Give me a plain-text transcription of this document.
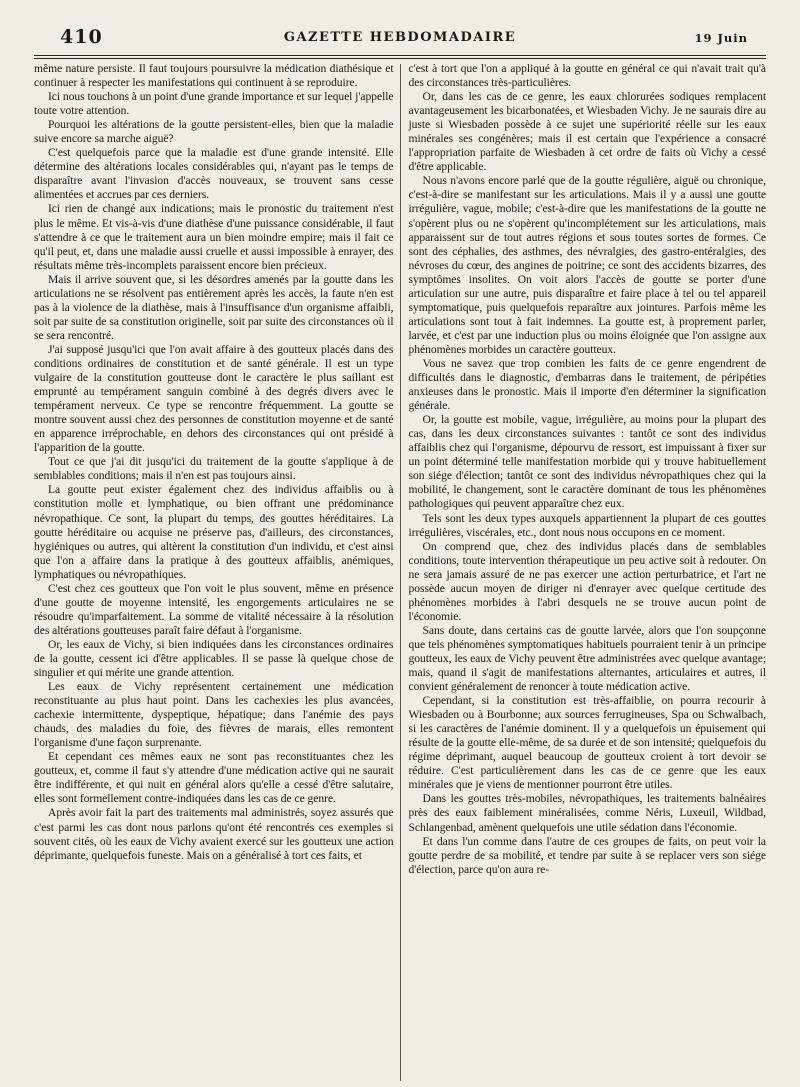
410	GAZETTE HEBDOMADAIRE	19 Juin

même nature persiste. Il faut toujours poursuivre la médication diathésique et continuer à respecter les manifestations qui continuent à se reproduire.

Ici nous touchons à un point d'une grande importance et sur lequel j'appelle toute votre attention.

Pourquoi les altérations de la goutte persistent-elles, bien que la maladie suive encore sa marche aiguë?

C'est quelquefois parce que la maladie est d'une grande intensité. Elle détermine des altérations locales considérables qui, n'ayant pas le temps de disparaître avant l'invasion d'accès nouveaux, se trouvent sans cesse alimentées et accrues par ces derniers.

Ici rien de changé aux indications; mais le pronostic du traitement n'est plus le même. Et vis-à-vis d'une diathèse d'une puissance considérable, il faut s'attendre à ce que le traitement aura un bien moindre empire; mais il fait ce qu'il peut, et, dans une maladie aussi cruelle et aussi impossible à enrayer, des résultats même très-incomplets paraissent encore bien précieux.

Mais il arrive souvent que, si les désordres amenés par la goutte dans les articulations ne se résolvent pas entièrement après les accès, la faute n'en est pas à la violence de la diathèse, mais à l'insuffisance d'un organisme affaibli, soit par suite de sa constitution originelle, soit par suite des circonstances où il se sera rencontré.

J'ai supposé jusqu'ici que l'on avait affaire à des goutteux placés dans des conditions ordinaires de constitution et de santé générale. Il est un type vulgaire de la constitution goutteuse dont le caractère le plus saillant est emprunté au tempérament sanguin combiné à des degrés divers avec le tempérament nerveux. Ce type se rencontre fréquemment. La goutte se montre souvent aussi chez des personnes de constitution moyenne et de santé en apparence irréprochable, en dehors des circonstances qui ont présidé à l'apparition de la goutte.

Tout ce que j'ai dit jusqu'ici du traitement de la goutte s'applique à de semblables conditions; mais il n'en est pas toujours ainsi.

La goutte peut exister également chez des individus affaiblis ou à constitution molle et lymphatique, ou bien offrant une prédominance névropathique. Ce sont, la plupart du temps, des gouttes héréditaires. La goutte héréditaire ou acquise ne préserve pas, d'ailleurs, des circonstances, hygiéniques ou autres, qui altèrent la constitution d'un individu, et c'est ainsi que l'on a affaire dans la pratique à des goutteux affaiblis, anémiques, lymphatiques ou névropathiques.

C'est chez ces goutteux que l'on voit le plus souvent, même en présence d'une goutte de moyenne intensité, les engorgements articulaires ne se résoudre qu'imparfaitement. La somme de vitalité nécessaire à la résolution des altérations goutteuses paraît faire défaut à l'organisme.

Or, les eaux de Vichy, si bien indiquées dans les circonstances ordinaires de la goutte, cessent ici d'être applicables. Il se passe là quelque chose de singulier et qui mérite une grande attention.

Les eaux de Vichy représentent certainement une médication reconstituante au plus haut point. Dans les cachexies les plus avancées, cachexie intermittente, dyspeptique, hépatique; dans l'anémie des pays chauds, des maladies du foie, des fièvres de marais, elles remontent l'organisme d'une façon surprenante.

Et cependant ces mêmes eaux ne sont pas reconstituantes chez les goutteux, et, comme il faut s'y attendre d'une médication active qui ne saurait être indifférente, et qui nuit en général alors qu'elle a cessé d'être salutaire, elles sont formellement contre-indiquées dans les cas de ce genre.

Après avoir fait la part des traitements mal administrés, soyez assurés que c'est parmi les cas dont nous parlons qu'ont été rencontrés ces exemples si souvent cités, où les eaux de Vichy avaient exercé sur les goutteux une action déprimante, quelquefois funeste. Mais on a généralisé à tort ces faits, et

c'est à tort que l'on a appliqué à la goutte en général ce qui n'avait trait qu'à des circonstances très-particulières.

Or, dans les cas de ce genre, les eaux chlorurées sodiques remplacent avantageusement les bicarbonatées, et Wiesbaden Vichy. Je ne saurais dire au juste si Wiesbaden possède à ce sujet une supériorité réelle sur les eaux minérales ses congénères; mais il est certain que l'expérience a consacré l'appropriation parfaite de Wiesbaden à cet ordre de faits où Vichy a cessé d'être applicable.

Nous n'avons encore parlé que de la goutte régulière, aiguë ou chronique, c'est-à-dire se manifestant sur les articulations. Mais il y a aussi une goutte irrégulière, vague, mobile; c'est-à-dire que les manifestations de la goutte ne s'opèrent plus ou ne s'opèrent qu'incomplétement sur les articulations, mais apparaissent sur de tout autres régions et sous toutes sortes de formes. Ce sont des céphalies, des asthmes, des névralgies, des gastro-entéralgies, des névroses du cœur, des angines de poitrine; ce sont des accidents bizarres, des symptômes insolites. On voit alors l'accès de goutte se porter d'une articulation sur une autre, puis disparaître et faire place à tel ou tel appareil symptomatique, puis quelquefois reparaître aux jointures. Parfois même les articulations sont tout à fait indemnes. La goutte est, à proprement parler, larvée, et c'est par une induction plus ou moins éloignée que l'on assigne aux phénomènes morbides un caractère goutteux.

Vous ne savez que trop combien les faits de ce genre engendrent de difficultés dans le diagnostic, d'embarras dans le traitement, de péripéties anxieuses dans le pronostic. Mais il importe d'en déterminer la signification générale.

Or, la goutte est mobile, vague, irrégulière, au moins pour la plupart des cas, dans les deux circonstances suivantes : tantôt ce sont des individus affaiblis chez qui l'organisme, dépourvu de ressort, est impuissant à fixer sur un point déterminé telle manifestation morbide qui y trouve habituellement son siége d'élection; tantôt ce sont des individus névropathiques chez qui la mobilité, le changement, sont le caractère dominant de tous les phénomènes pathologiques qui peuvent apparaître chez eux.

Tels sont les deux types auxquels appartiennent la plupart de ces gouttes irrégulières, viscérales, etc., dont nous nous occupons en ce moment.

On comprend que, chez des individus placés dans de semblables conditions, toute intervention thérapeutique un peu active soit à redouter. On ne sera jamais assuré de ne pas exercer une action perturbatrice, et l'art ne possède aucun moyen de diriger ni d'enrayer avec quelque certitude des phénomènes morbides à l'abri desquels ne se trouve aucun point de l'économie.

Sans doute, dans certains cas de goutte larvée, alors que l'on soupçonne que tels phénomènes symptomatiques habituels pourraient tenir à un principe goutteux, les eaux de Vichy peuvent être administrées avec quelque avantage; mais, quand il s'agit de manifestations alternantes, articulaires et autres, il convient généralement de renoncer à toute médication active.

Cependant, si la constitution est très-affaiblie, on pourra recourir à Wiesbaden ou à Bourbonne; aux sources ferrugineuses, Spa ou Schwalbach, si les caractères de l'anémie dominent. Il y a quelquefois un épuisement qui résulte de la goutte elle-même, de sa durée et de son intensité; quelquefois du régime déprimant, auquel beaucoup de goutteux croient à tort devoir se réduire. C'est particulièrement dans les cas de ce genre que les eaux minérales que je viens de mentionner pourront être utiles.

Dans les gouttes très-mobiles, névropathiques, les traitements balnéaires près des eaux faiblement minéralisées, comme Néris, Luxeuil, Wildbad, Schlangenbad, amènent quelquefois une utile sédation dans l'économie.

Et dans l'un comme dans l'autre de ces groupes de faits, on peut voir la goutte perdre de sa mobilité, et tendre par suite à se replacer vers son siége d'élection, parce qu'on aura re-
